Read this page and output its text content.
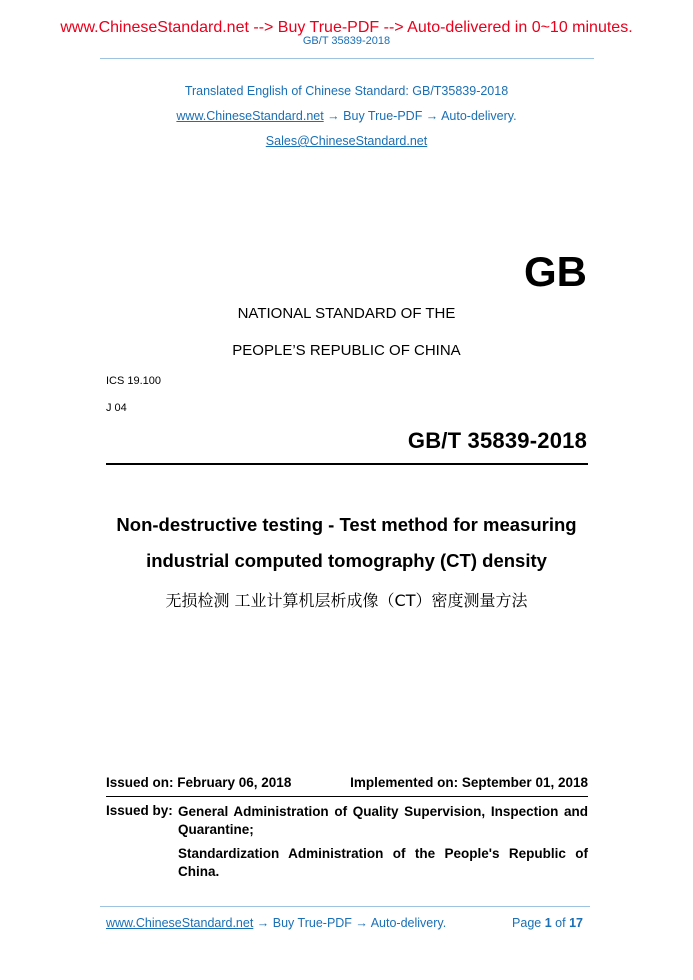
www.ChineseStandard.net --> Buy True-PDF --> Auto-delivered in 0~10 minutes.
GB/T 35839-2018
Translated English of Chinese Standard: GB/T35839-2018
www.ChineseStandard.net → Buy True-PDF → Auto-delivery.
Sales@ChineseStandard.net
GB
NATIONAL STANDARD OF THE
PEOPLE’S REPUBLIC OF CHINA
ICS 19.100
J 04
GB/T 35839-2018
Non-destructive testing - Test method for measuring
industrial computed tomography (CT) density
无损检测 工业计算机层析成像（CT）密度测量方法
Issued on: February 06, 2018	Implemented on: September 01, 2018
Issued by: General Administration of Quality Supervision, Inspection and Quarantine;
Standardization Administration of the People's Republic of China.
www.ChineseStandard.net → Buy True-PDF → Auto-delivery.	Page 1 of 17
